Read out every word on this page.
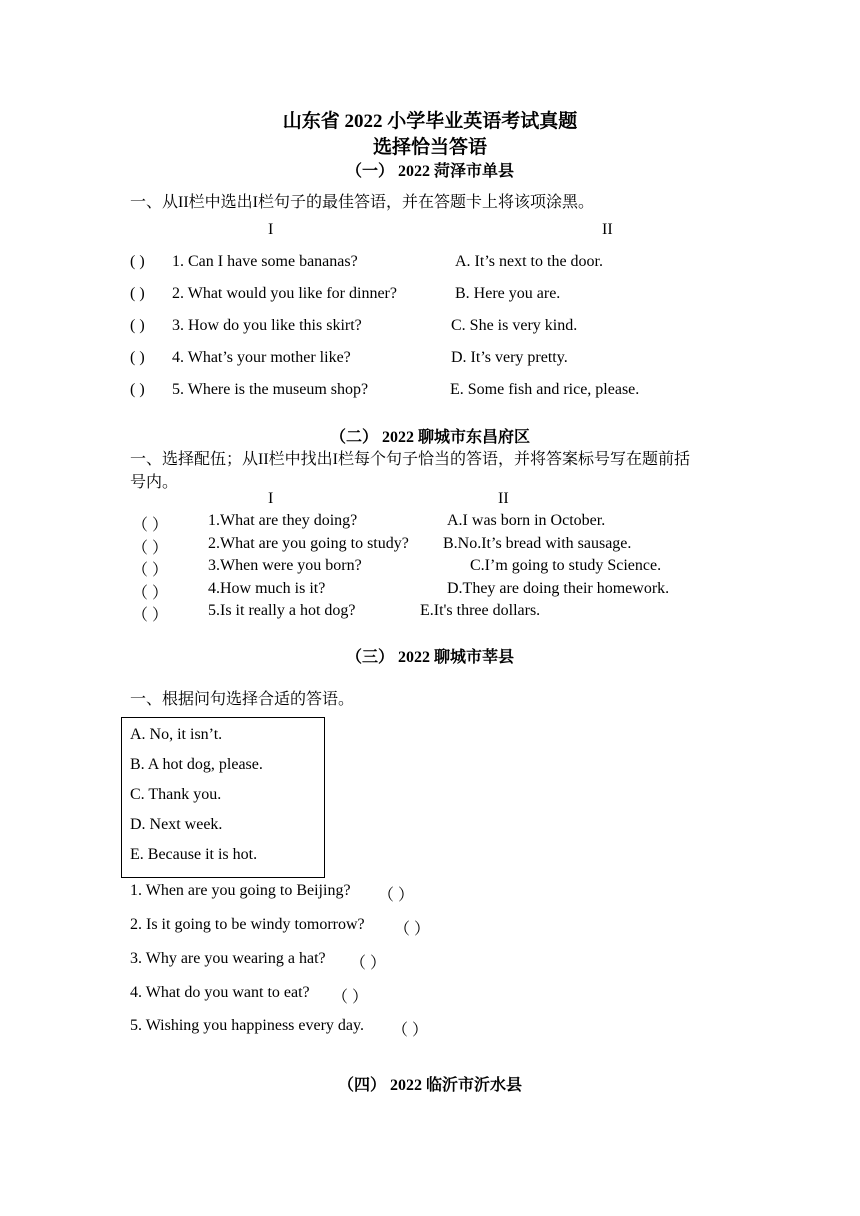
山东省 2022 小学毕业英语考试真题
选择恰当答语
（一） 2022 菏泽市单县
一、从II栏中选出I栏句子的最佳答语，并在答题卡上将该项涂黑。
I	II
( ) 1. Can I have some bananas?	A. It’s next to the door.
( ) 2. What would you like for dinner?	B. Here you are.
( ) 3. How do you like this skirt?	C. She is very kind.
( ) 4. What’s your mother like?	D. It’s very pretty.
( ) 5. Where is the museum shop?	E. Some fish and rice, please.
（二） 2022 聊城市东昌府区
一、选择配伍；从II栏中找出I栏每个句子恰当的答语，并将答案标号写在题前括
号内。
I	II
（ ） 1.What are they doing?	A.I was born in October.
（ ） 2.What are you going to study? B.No.It’s bread with sausage.
（ ） 3.When were you born?	C.I’m going to study Science.
（ ） 4.How much is it?	D.They are doing their homework.
（ ） 5.Is it really a hot dog?	E.It's three dollars.
（三） 2022 聊城市莘县
一、根据问句选择合适的答语。
A. No, it isn’t.
B. A hot dog, please.
C. Thank you.
D. Next week.
E. Because it is hot.
1. When are you going to Beijing? （ ）
2. Is it going to be windy tomorrow? （ ）
3. Why are you wearing a hat? （ ）
4. What do you want to eat? （ ）
5. Wishing you happiness every day. （ ）
（四） 2022 临沂市沂水县
